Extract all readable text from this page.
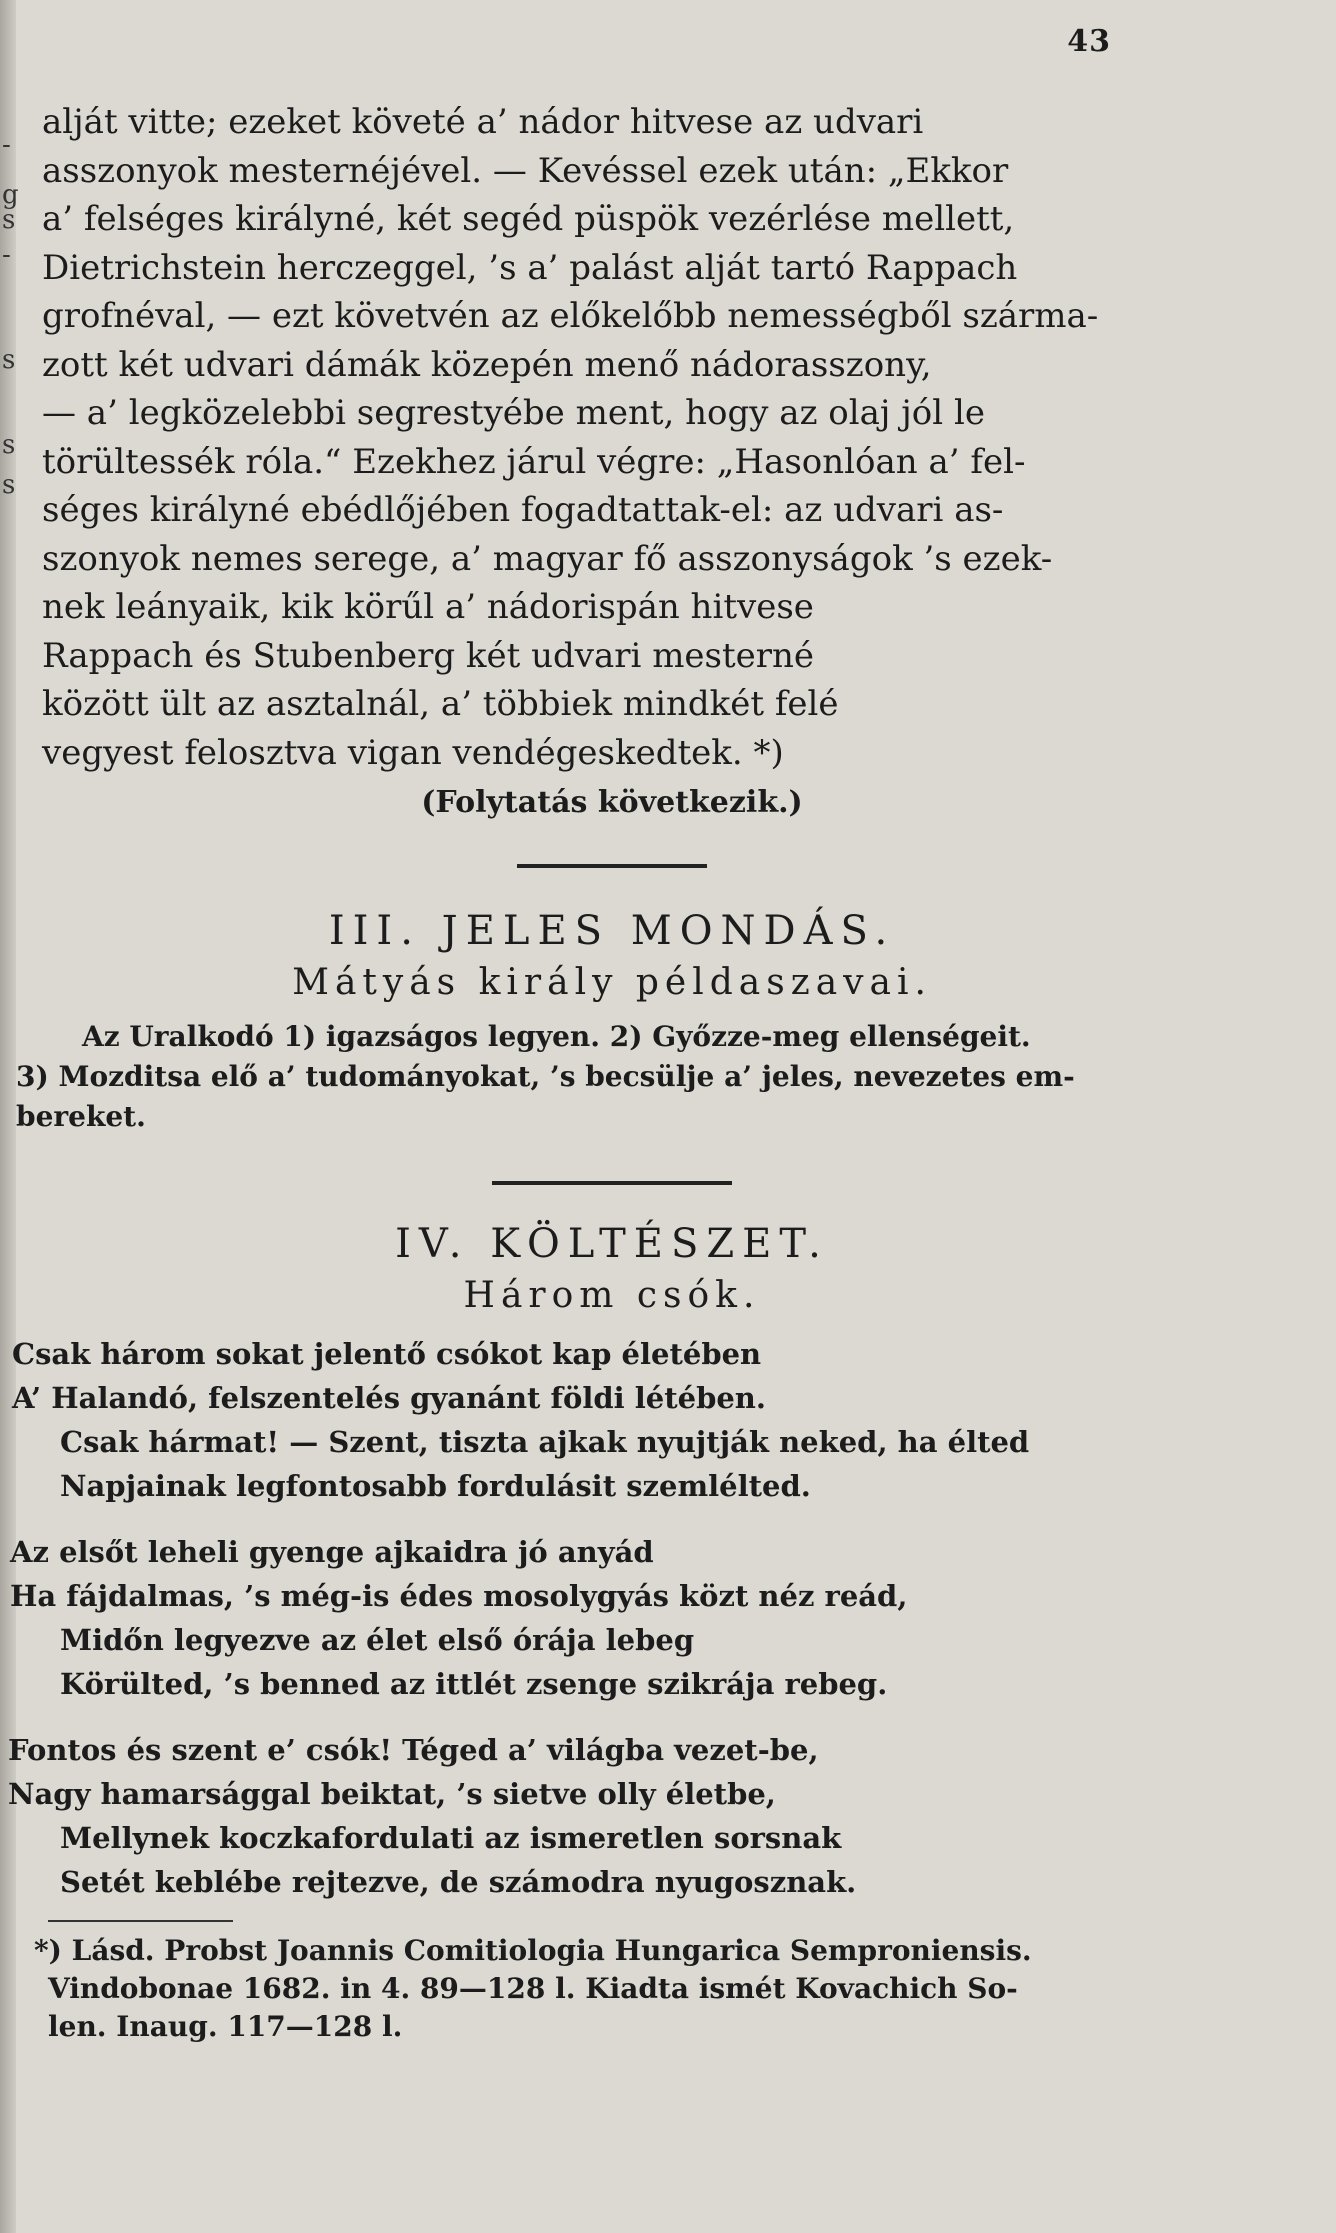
-
g
s
-
s
s
s
43
alját vitte; ezeket követé a’ nádor hitvese az udvari
asszonyok mesternéjével. — Kevéssel ezek után: „Ekkor
a’ felséges királyné, két segéd püspök vezérlése mellett,
Dietrichstein herczeggel, ’s a’ palást alját tartó Rappach
grofnéval, — ezt követvén az előkelőbb nemességből szárma-
zott két udvari dámák közepén menő nádorasszony,
— a’ legközelebbi segrestyébe ment, hogy az olaj jól le
törültessék róla.“ Ezekhez járul végre: „Hasonlóan a’ fel-
séges királyné ebédlőjében fogadtattak-el: az udvari as-
szonyok nemes serege, a’ magyar fő asszonyságok ’s ezek-
nek leányaik, kik körűl a’ nádorispán hitvese
Rappach és Stubenberg két udvari mesterné
között ült az asztalnál, a’ többiek mindkét felé
vegyest felosztva vigan vendégeskedtek. *)
(Folytatás következik.)
III. JELES MONDÁS.
Mátyás király példaszavai.
Az Uralkodó 1) igazságos legyen. 2) Győzze-meg ellenségeit.
3) Mozditsa elő a’ tudományokat, ’s becsülje a’ jeles, nevezetes em-
bereket.
IV. KÖLTÉSZET.
Három csók.
Csak három sokat jelentő csókot kap életében
A’ Halandó, felszentelés gyanánt földi létében.
Csak hármat! — Szent, tiszta ajkak nyujtják neked, ha élted
Napjainak legfontosabb fordulásit szemlélted.
Az elsőt leheli gyenge ajkaidra jó anyád
Ha fájdalmas, ’s még-is édes mosolygyás közt néz reád,
Midőn legyezve az élet első órája lebeg
Körülted, ’s benned az ittlét zsenge szikrája rebeg.
Fontos és szent e’ csók! Téged a’ világba vezet-be,
Nagy hamarsággal beiktat, ’s sietve olly életbe,
Mellynek koczkafordulati az ismeretlen sorsnak
Setét keblébe rejtezve, de számodra nyugosznak.
*) Lásd. Probst Joannis Comitiologia Hungarica Semproniensis.
Vindobonae 1682. in 4. 89—128 l. Kiadta ismét Kovachich So-
len. Inaug. 117—128 l.
